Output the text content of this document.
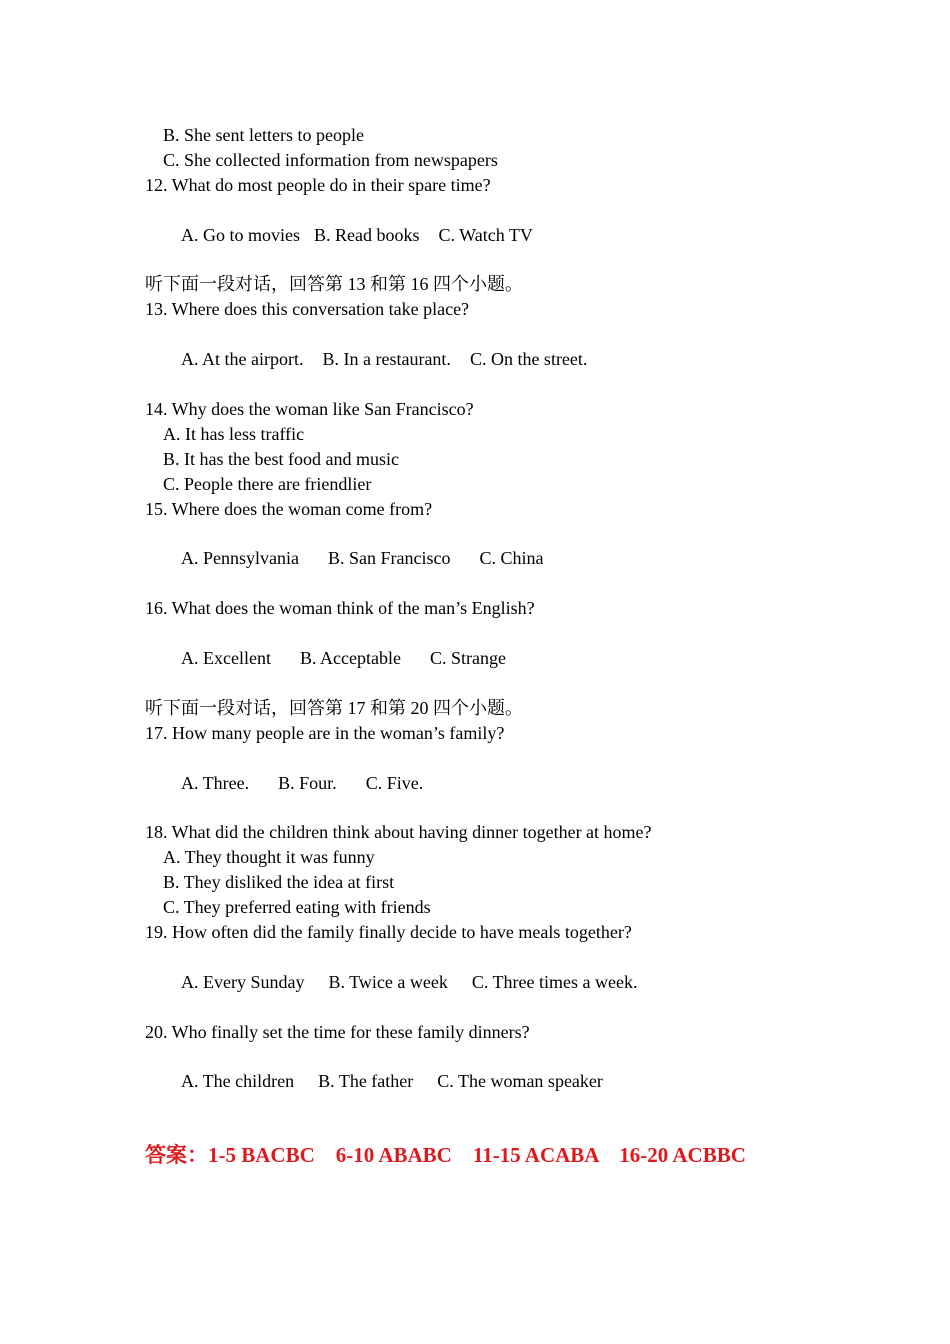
B. She sent letters to people
C. She collected information from newspapers
12. What do most people do in their spare time?

A. Go to movies B. Read books C. Watch TV

听下面一段对话，回答第 13 和第 16 四个小题。
13. Where does this conversation take place?

A. At the airport. B. In a restaurant. C. On the street.

14. Why does the woman like San Francisco?
A. It has less traffic
B. It has the best food and music
C. People there are friendlier
15. Where does the woman come from?

A. Pennsylvania B. San Francisco C. China

16. What does the woman think of the man’s English?

A. Excellent B. Acceptable C. Strange

听下面一段对话，回答第 17 和第 20 四个小题。
17. How many people are in the woman’s family?

A. Three. B. Four. C. Five.

18. What did the children think about having dinner together at home?
A. They thought it was funny
B. They disliked the idea at first
C. They preferred eating with friends
19. How often did the family finally decide to have meals together?

A. Every Sunday B. Twice a week C. Three times a week.

20. Who finally set the time for these family dinners?

A. The children B. The father C. The woman speaker

答案：1-5 BACBC    6-10 ABABC    11-15 ACABA    16-20 ACBBC
